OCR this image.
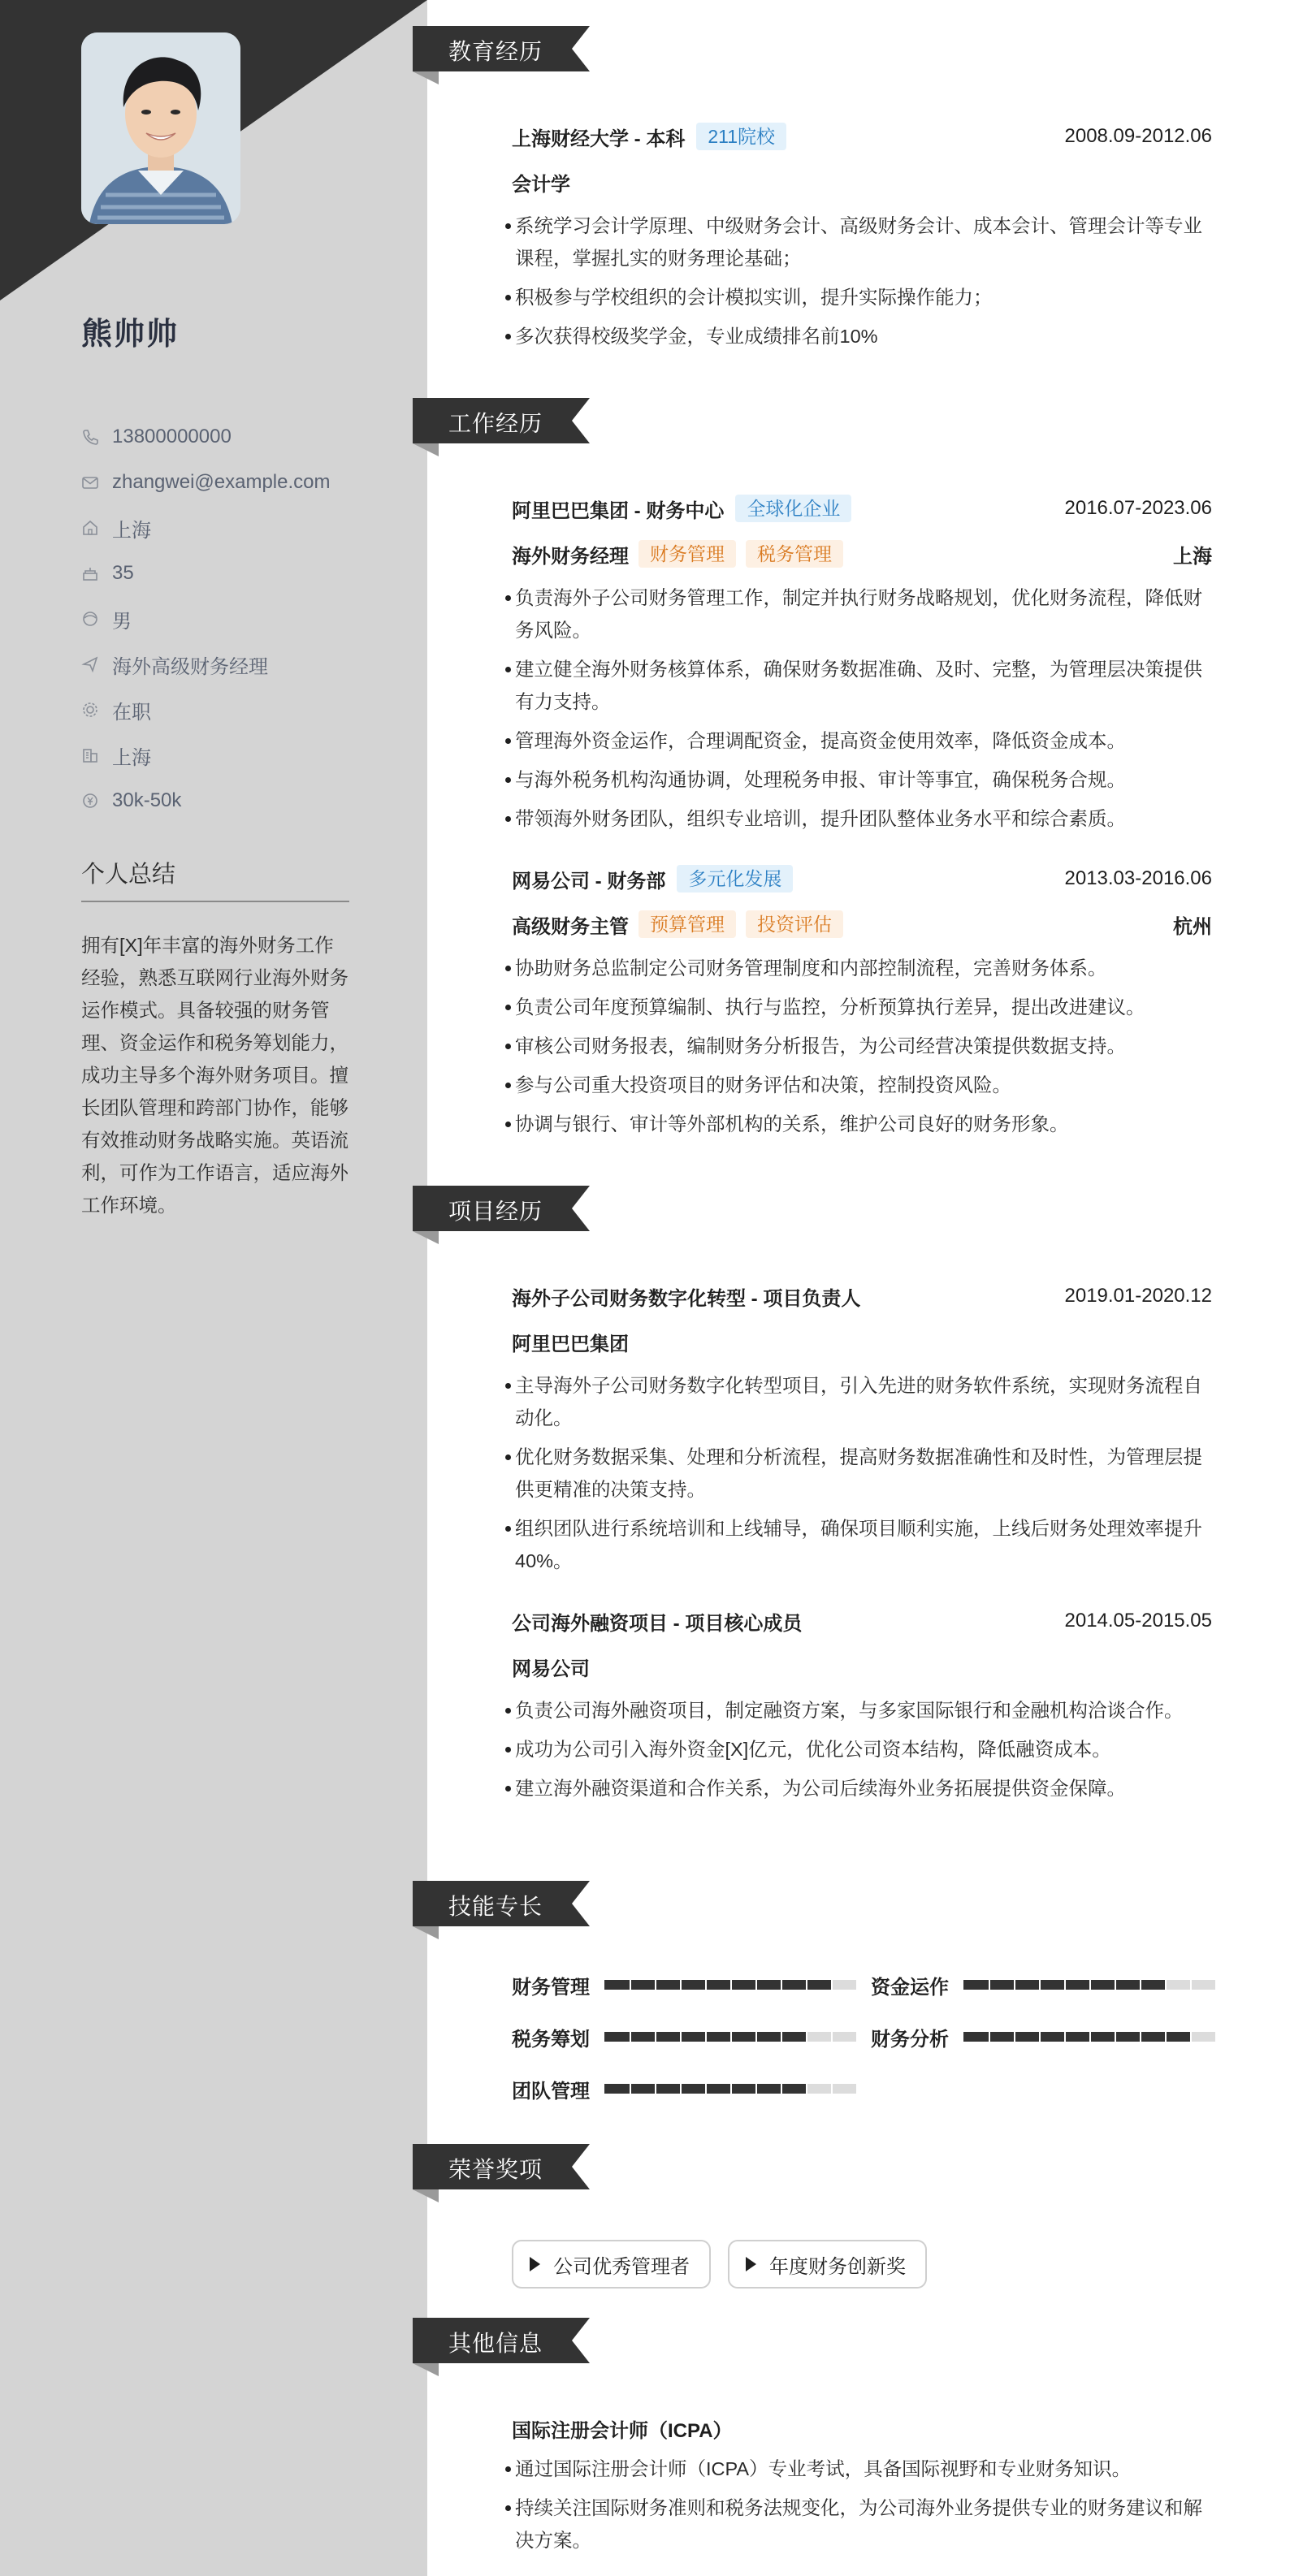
熊帅帅
13800000000
zhangwei@example.com
上海
35
男
海外高级财务经理
在职
上海
30k-50k
个人总结
拥有[X]年丰富的海外财务工作经验，熟悉互联网行业海外财务运作模式。具备较强的财务管理、资金运作和税务筹划能力，成功主导多个海外财务项目。擅长团队管理和跨部门协作，能够有效推动财务战略实施。英语流利，可作为工作语言，适应海外工作环境。
教育经历
上海财经大学 - 本科	211院校	2008.09-2012.06
会计学
系统学习会计学原理、中级财务会计、高级财务会计、成本会计、管理会计等专业课程，掌握扎实的财务理论基础；
积极参与学校组织的会计模拟实训，提升实际操作能力；
多次获得校级奖学金，专业成绩排名前10%
工作经历
阿里巴巴集团 - 财务中心	全球化企业	2016.07-2023.06
海外财务经理	财务管理	税务管理	上海
负责海外子公司财务管理工作，制定并执行财务战略规划，优化财务流程，降低财务风险。
建立健全海外财务核算体系，确保财务数据准确、及时、完整，为管理层决策提供有力支持。
管理海外资金运作，合理调配资金，提高资金使用效率，降低资金成本。
与海外税务机构沟通协调，处理税务申报、审计等事宜，确保税务合规。
带领海外财务团队，组织专业培训，提升团队整体业务水平和综合素质。
网易公司 - 财务部	多元化发展	2013.03-2016.06
高级财务主管	预算管理	投资评估	杭州
协助财务总监制定公司财务管理制度和内部控制流程，完善财务体系。
负责公司年度预算编制、执行与监控，分析预算执行差异，提出改进建议。
审核公司财务报表，编制财务分析报告，为公司经营决策提供数据支持。
参与公司重大投资项目的财务评估和决策，控制投资风险。
协调与银行、审计等外部机构的关系，维护公司良好的财务形象。
项目经历
海外子公司财务数字化转型 - 项目负责人	2019.01-2020.12
阿里巴巴集团
主导海外子公司财务数字化转型项目，引入先进的财务软件系统，实现财务流程自动化。
优化财务数据采集、处理和分析流程，提高财务数据准确性和及时性，为管理层提供更精准的决策支持。
组织团队进行系统培训和上线辅导，确保项目顺利实施，上线后财务处理效率提升40%。
公司海外融资项目 - 项目核心成员	2014.05-2015.05
网易公司
负责公司海外融资项目，制定融资方案，与多家国际银行和金融机构洽谈合作。
成功为公司引入海外资金[X]亿元，优化公司资本结构，降低融资成本。
建立海外融资渠道和合作关系，为公司后续海外业务拓展提供资金保障。
技能专长
财务管理	资金运作
税务筹划	财务分析
团队管理
荣誉奖项
公司优秀管理者	年度财务创新奖
其他信息
国际注册会计师（ICPA）
通过国际注册会计师（ICPA）专业考试，具备国际视野和专业财务知识。
持续关注国际财务准则和税务法规变化，为公司海外业务提供专业的财务建议和解决方案。
